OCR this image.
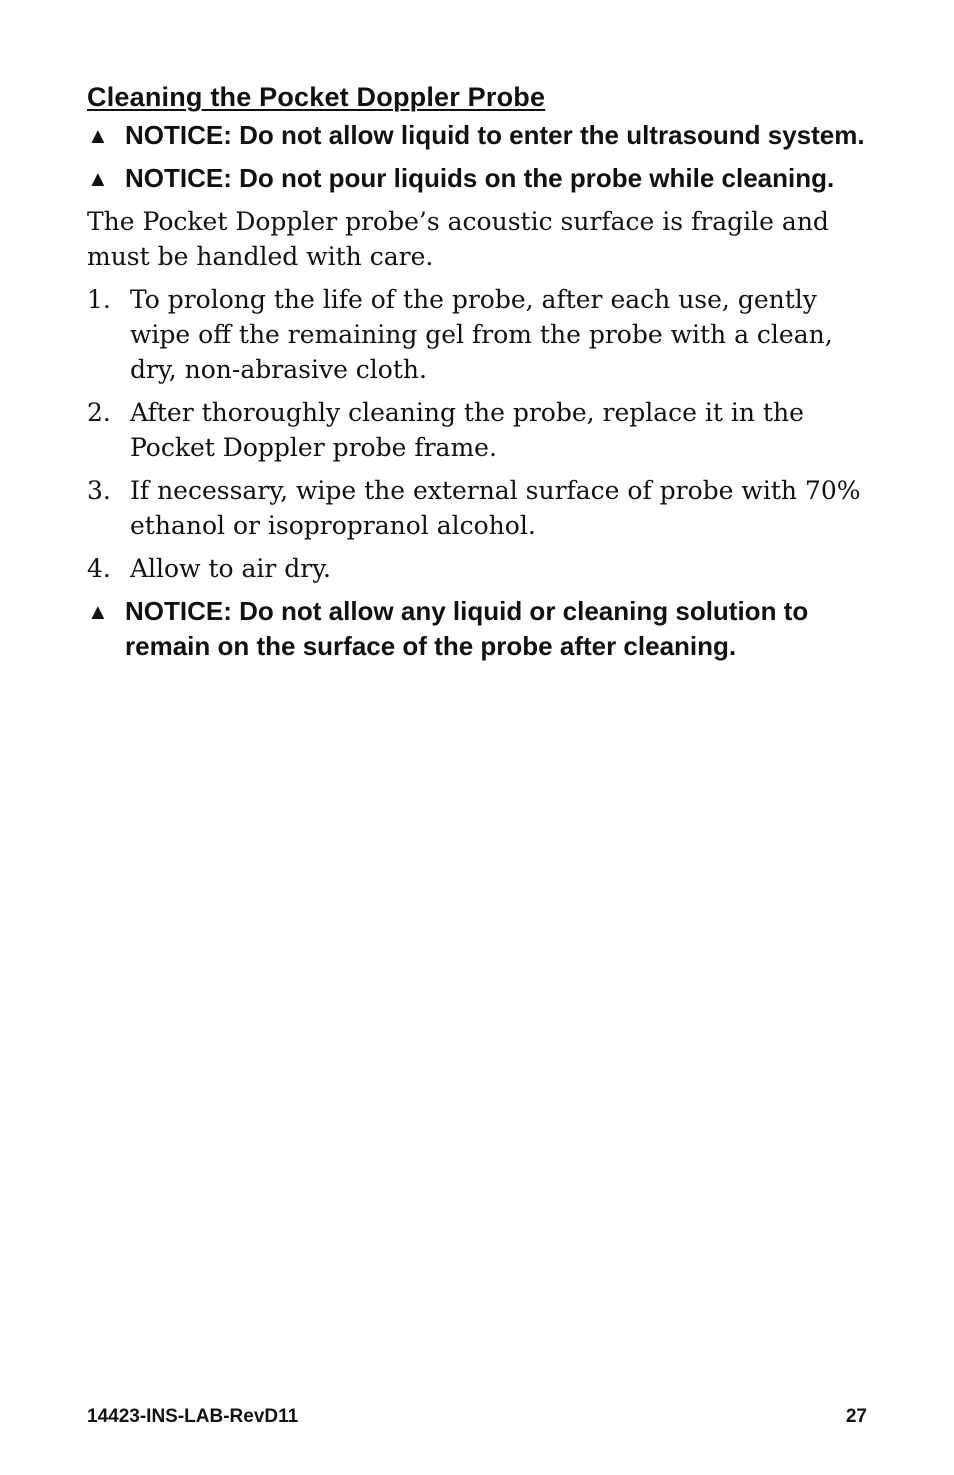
Cleaning the Pocket Doppler Probe
▲ NOTICE: Do not allow liquid to enter the ultrasound system.
▲ NOTICE: Do not pour liquids on the probe while cleaning.
The Pocket Doppler probe’s acoustic surface is fragile and must be handled with care.
1. To prolong the life of the probe, after each use, gently wipe off the remaining gel from the probe with a clean, dry, non-abrasive cloth.
2. After thoroughly cleaning the probe, replace it in the Pocket Doppler probe frame.
3. If necessary, wipe the external surface of probe with 70% ethanol or isopropranol alcohol.
4. Allow to air dry.
▲ NOTICE: Do not allow any liquid or cleaning solution to remain on the surface of the probe after cleaning.
14423-INS-LAB-RevD11	27
